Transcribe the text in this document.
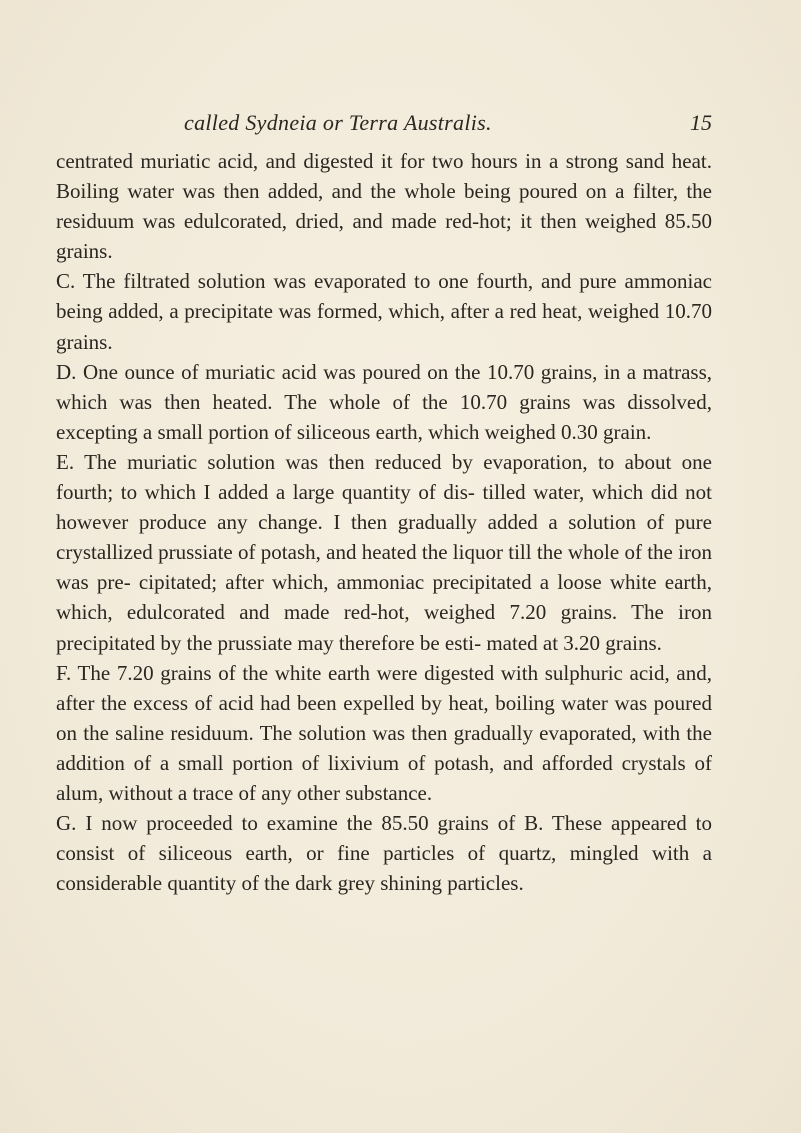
called Sydneia or Terra Australis.	15

centrated muriatic acid, and digested it for two hours in a strong sand heat. Boiling water was then added, and the whole being poured on a filter, the residuum was edulcorated, dried, and made red-hot; it then weighed 85.50 grains.

C. The filtrated solution was evaporated to one fourth, and pure ammoniac being added, a precipitate was formed, which, after a red heat, weighed 10.70 grains.

D. One ounce of muriatic acid was poured on the 10.70 grains, in a matrass, which was then heated. The whole of the 10.70 grains was dissolved, excepting a small portion of siliceous earth, which weighed 0.30 grain.

E. The muriatic solution was then reduced by evaporation, to about one fourth; to which I added a large quantity of dis- tilled water, which did not however produce any change. I then gradually added a solution of pure crystallized prussiate of potash, and heated the liquor till the whole of the iron was pre- cipitated; after which, ammoniac precipitated a loose white earth, which, edulcorated and made red-hot, weighed 7.20 grains. The iron precipitated by the prussiate may therefore be esti- mated at 3.20 grains.

F. The 7.20 grains of the white earth were digested with sulphuric acid, and, after the excess of acid had been expelled by heat, boiling water was poured on the saline residuum. The solution was then gradually evaporated, with the addition of a small portion of lixivium of potash, and afforded crystals of alum, without a trace of any other substance.

G. I now proceeded to examine the 85.50 grains of B. These appeared to consist of siliceous earth, or fine particles of quartz, mingled with a considerable quantity of the dark grey shining particles.
